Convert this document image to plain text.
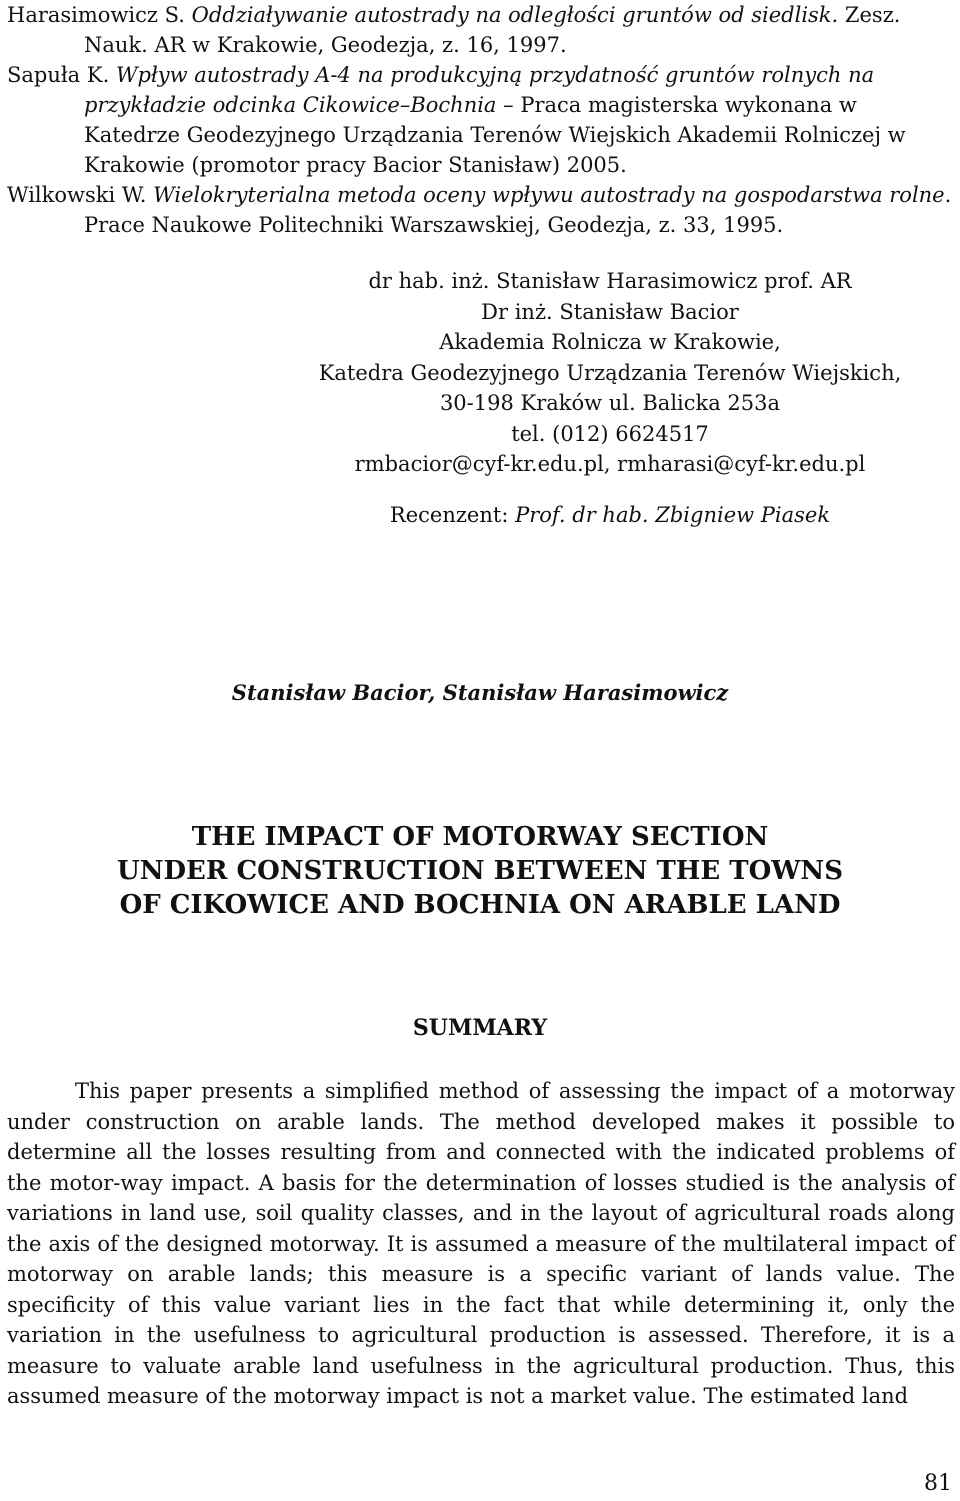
Harasimowicz S. Oddziaływanie autostrady na odległości gruntów od siedlisk. Zesz. Nauk. AR w Krakowie, Geodezja, z. 16, 1997.

Sapuła K. Wpływ autostrady A-4 na produkcyjną przydatność gruntów rolnych na przykładzie odcinka Cikowice–Bochnia – Praca magisterska wykonana w Katedrze Geodezyjnego Urządzania Terenów Wiejskich Akademii Rolniczej w Krakowie (promotor pracy Bacior Stanisław) 2005.

Wilkowski W. Wielokryterialna metoda oceny wpływu autostrady na gospodarstwa rolne. Prace Naukowe Politechniki Warszawskiej, Geodezja, z. 33, 1995.

dr hab. inż. Stanisław Harasimowicz prof. AR
Dr inż. Stanisław Bacior
Akademia Rolnicza w Krakowie,
Katedra Geodezyjnego Urządzania Terenów Wiejskich,
30-198 Kraków ul. Balicka 253a
tel. (012) 6624517
rmbacior@cyf-kr.edu.pl, rmharasi@cyf-kr.edu.pl
Recenzent: Prof. dr hab. Zbigniew Piasek
Stanisław Bacior, Stanisław Harasimowicz
THE IMPACT OF MOTORWAY SECTION
UNDER CONSTRUCTION BETWEEN THE TOWNS
OF CIKOWICE AND BOCHNIA ON ARABLE LAND
SUMMARY

This paper presents a simplified method of assessing the impact of a motorway under construction on arable lands. The method developed makes it possible to determine all the losses resulting from and connected with the indicated problems of the motor-way impact. A basis for the determination of losses studied is the analysis of variations in land use, soil quality classes, and in the layout of agricultural roads along the axis of the designed motorway. It is assumed a measure of the multilateral impact of motorway on arable lands; this measure is a specific variant of lands value. The specificity of this value variant lies in the fact that while determining it, only the variation in the usefulness to agricultural production is assessed. Therefore, it is a measure to valuate arable land usefulness in the agricultural production. Thus, this assumed measure of the motorway impact is not a market value. The estimated land

81
